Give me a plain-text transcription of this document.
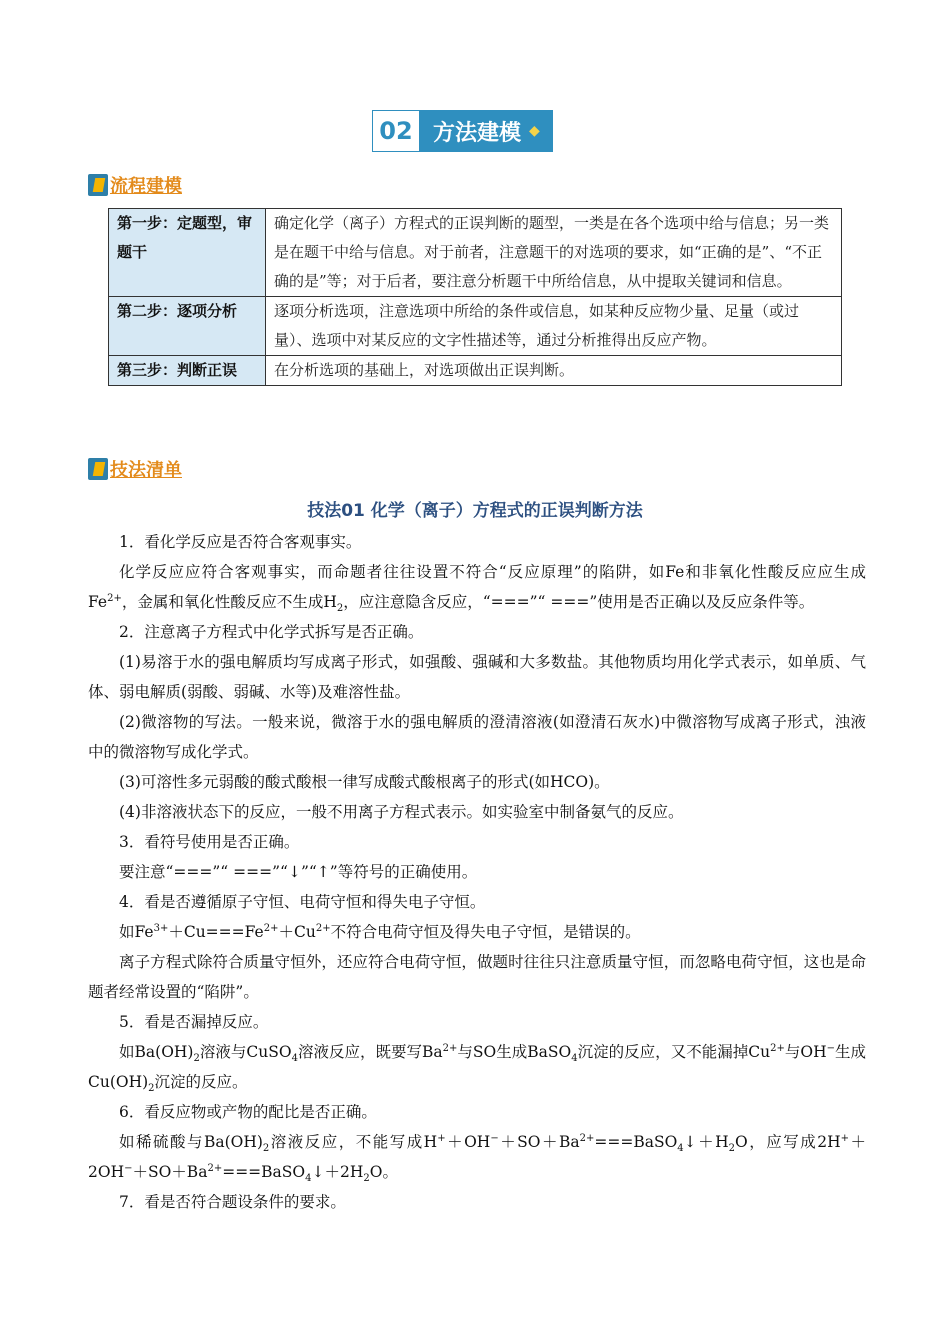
02 方法建模 ◆
流程建模
第一步：定题型，审题干	确定化学（离子）方程式的正误判断的题型，一类是在各个选项中给与信息；另一类是在题干中给与信息。对于前者，注意题干的对选项的要求，如“正确的是”、“不正确的是”等；对于后者，要注意分析题干中所给信息，从中提取关键词和信息。
第二步：逐项分析	逐项分析选项，注意选项中所给的条件或信息，如某种反应物少量、足量（或过量）、选项中对某反应的文字性描述等，通过分析推得出反应产物。
第三步：判断正误	在分析选项的基础上，对选项做出正误判断。
技法清单
技法01 化学（离子）方程式的正误判断方法

1．看化学反应是否符合客观事实。

化学反应应符合客观事实，而命题者往往设置不符合“反应原理”的陷阱，如Fe和非氧化性酸反应应生成$Fe^{2+}$，金属和氧化性酸反应不生成$H_2$，应注意隐含反应，“===”“ ===”使用是否正确以及反应条件等。

2．注意离子方程式中化学式拆写是否正确。

(1)易溶于水的强电解质均写成离子形式，如强酸、强碱和大多数盐。其他物质均用化学式表示，如单质、气体、弱电解质(弱酸、弱碱、水等)及难溶性盐。

(2)微溶物的写法。一般来说，微溶于水的强电解质的澄清溶液(如澄清石灰水)中微溶物写成离子形式，浊液中的微溶物写成化学式。

(3)可溶性多元弱酸的酸式酸根一律写成酸式酸根离子的形式(如HCO)。

(4)非溶液状态下的反应，一般不用离子方程式表示。如实验室中制备氨气的反应。

3．看符号使用是否正确。

要注意“===”“ ===”“↓”“↑”等符号的正确使用。

4．看是否遵循原子守恒、电荷守恒和得失电子守恒。

如$Fe^{3+}+Cu===Fe^{2+}+Cu^{2+}$不符合电荷守恒及得失电子守恒，是错误的。

离子方程式除符合质量守恒外，还应符合电荷守恒，做题时往往只注意质量守恒，而忽略电荷守恒，这也是命题者经常设置的“陷阱”。

5．看是否漏掉反应。

如$Ba(OH)_2$溶液与CuSO$_4$溶液反应，既要写$Ba^{2+}$与SO生成BaSO$_4$沉淀的反应，又不能漏掉$Cu^{2+}$与OH−生成$Cu(OH)_2$沉淀的反应。

6．看反应物或产物的配比是否正确。

如稀硫酸与$Ba(OH)_2$溶液反应，不能写成$H^++OH^-+SO+Ba^{2+}===BaSO_4↓+H_2O$，应写成$2H^++2OH^-+SO+Ba^{2+}===BaSO_4↓+2H_2O$。

7．看是否符合题设条件的要求。
